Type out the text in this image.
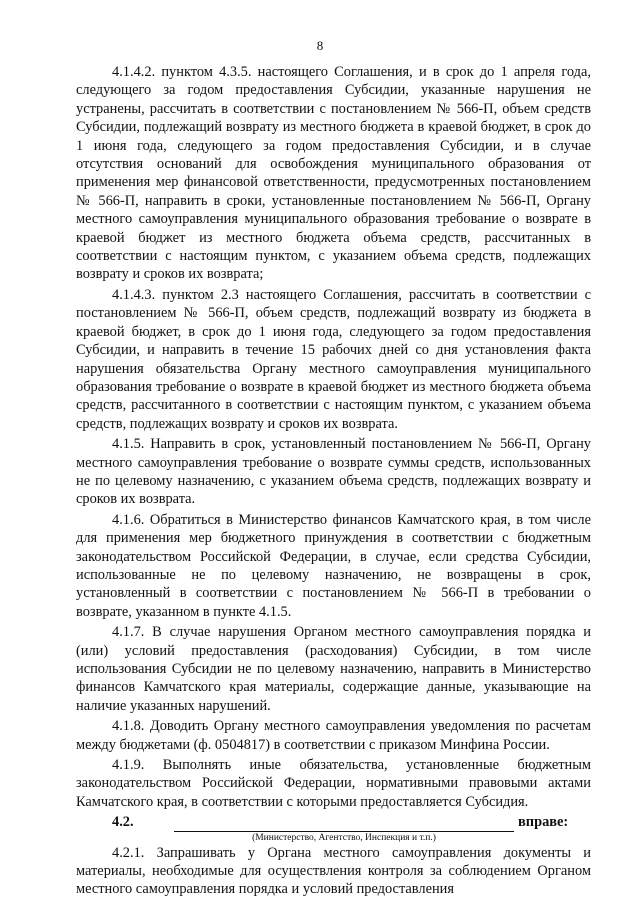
8

4.1.4.2. пунктом 4.3.5. настоящего Соглашения, и в срок до 1 апреля года, следующего за годом предоставления Субсидии, указанные нарушения не устранены, рассчитать в соответствии с постановлением № 566-П, объем средств Субсидии, подлежащий возврату из местного бюджета в краевой бюджет, в срок до 1 июня года, следующего за годом предоставления Субсидии, и в случае отсутствия оснований для освобождения муниципального образования от применения мер финансовой ответственности, предусмотренных постановлением № 566-П, направить в сроки, установленные постановлением № 566-П, Органу местного самоуправления муниципального образования требование о возврате в краевой бюджет из местного бюджета объема средств, рассчитанных в соответствии с настоящим пунктом, с указанием объема средств, подлежащих возврату и сроков их возврата;

4.1.4.3. пунктом 2.3 настоящего Соглашения, рассчитать в соответствии с постановлением № 566-П, объем средств, подлежащий возврату из бюджета в краевой бюджет, в срок до 1 июня года, следующего за годом предоставления Субсидии, и направить в течение 15 рабочих дней со дня установления факта нарушения обязательства Органу местного самоуправления муниципального образования требование о возврате в краевой бюджет из местного бюджета объема средств, рассчитанного в соответствии с настоящим пунктом, с указанием объема средств, подлежащих возврату и сроков их возврата.

4.1.5. Направить в срок, установленный постановлением № 566-П, Органу местного самоуправления требование о возврате суммы средств, использованных не по целевому назначению, с указанием объема средств, подлежащих возврату и сроков их возврата.

4.1.6. Обратиться в Министерство финансов Камчатского края, в том числе для применения мер бюджетного принуждения в соответствии с бюджетным законодательством Российской Федерации, в случае, если средства Субсидии, использованные не по целевому назначению, не возвращены в срок, установленный в соответствии с постановлением № 566-П в требовании о возврате, указанном в пункте 4.1.5.

4.1.7. В случае нарушения Органом местного самоуправления порядка и (или) условий предоставления (расходования) Субсидии, в том числе использования Субсидии не по целевому назначению, направить в Министерство финансов Камчатского края материалы, содержащие данные, указывающие на наличие указанных нарушений.

4.1.8. Доводить Органу местного самоуправления уведомления по расчетам между бюджетами (ф. 0504817) в соответствии с приказом Минфина России.

4.1.9. Выполнять иные обязательства, установленные бюджетным законодательством Российской Федерации, нормативными правовыми актами Камчатского края, в соответствии с которыми предоставляется Субсидия.

4.2.	вправе:
(Министерство, Агентство, Инспекция и т.п.)

4.2.1. Запрашивать у Органа местного самоуправления документы и материалы, необходимые для осуществления контроля за соблюдением Органом местного самоуправления порядка и условий предоставления
